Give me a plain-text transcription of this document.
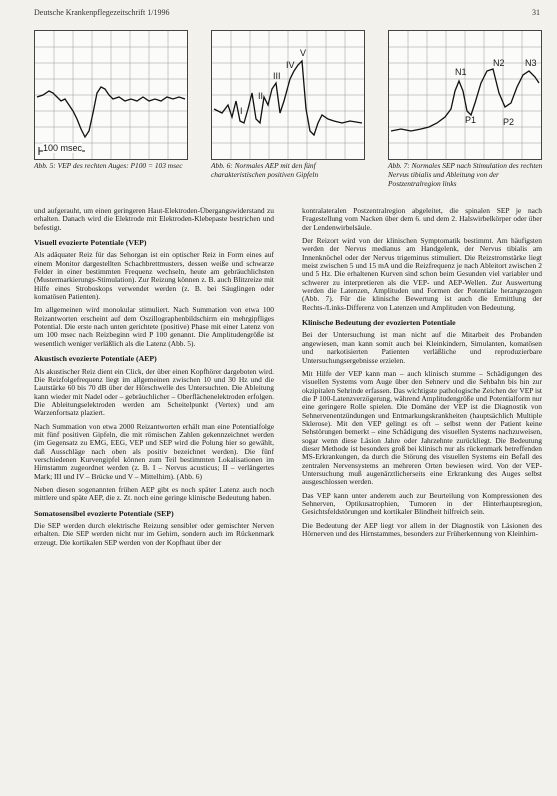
Deutsche Krankenpflegezeitschrift 1/1996	31
100 msec
I
II
III
IV
V
N1
N2 N3
P1	P2
Abb. 5: VEP des rechten Auges: P100 = 103 msec	Abb. 6: Normales AEP mit den fünf charakteristischen positiven Gipfeln
Abb. 7: Normales SEP nach Stimulation des rechten Nervus tibialis und Ableitung von der Postzentralregion links

und aufgerauht, um einen geringeren Haut-Elektroden-Übergangswiderstand zu erhalten. Danach wird die Elektrode mit Elektroden-Klebepaste bestrichen und befestigt.

Visuell evozierte Potentiale (VEP)

Als adäquater Reiz für das Sehorgan ist ein optischer Reiz in Form eines auf einem Monitor dargestellten Schachbrettmusters, dessen weiße und schwarze Felder in einer bestimmten Frequenz wechseln, heute am gebräuchlichsten (Mustermarkierungs-Stimulation). Zur Reizung können z. B. auch Blitzreize mit Hilfe eines Stroboskops verwendet werden (z. B. bei Säuglingen oder komatösen Patienten).

Im allgemeinen wird monokular stimuliert. Nach Summation von etwa 100 Reizantworten erscheint auf dem Oszillographenbildschirm ein mehrgipfliges Potential. Die erste nach unten gerichtete (positive) Phase mit einer Latenz von um 100 msec nach Reizbeginn wird P 100 genannt. Die Amplitudengröße ist wesentlich weniger verläßlich als die Latenz (Abb. 5).

Akustisch evozierte Potentiale (AEP)

Als akustischer Reiz dient ein Click, der über einen Kopfhörer dargeboten wird. Die Reizfolgefrequenz liegt im allgemeinen zwischen 10 und 30 Hz und die Lautstärke 60 bis 70 dB über der Hörschwelle des Untersuchten. Die Ableitung kann wieder mit Nadel oder – gebräuchlicher – Oberflächenelektroden erfolgen. Die Ableitungselektroden werden am Scheitelpunkt (Vertex) und am Warzenfortsatz plaziert.

Nach Summation von etwa 2000 Reizantworten erhält man eine Potentialfolge mit fünf positiven Gipfeln, die mit römischen Zahlen gekennzeichnet werden (im Gegensatz zu EMG, EEG, VEP und SEP wird die Polung hier so gewählt, daß Ausschläge nach oben als positiv bezeichnet werden). Die fünf verschiedenen Kurvengipfel können zum Teil bestimmten Lokalisationen im Hirnstamm zugeordnet werden (z. B. I – Nervus acusticus; II – verlängertes Mark; III und IV – Brücke und V – Mittelhirn). (Abb. 6)

Neben diesen sogenannten frühen AEP gibt es noch später Latenz auch noch mittlere und späte AEP, die z. Zt. noch eine geringe klinische Bedeutung haben.

Somatosensibel evozierte Potentiale (SEP)

Die SEP werden durch elektrische Reizung sensibler oder gemischter Nerven erhalten. Die SEP werden nicht nur im Gehirn, sondern auch im Rückenmark erzeugt. Die kortikalen SEP werden von der Kopfhaut über der

kontralateralen Postzentralregion abgeleitet, die spinalen SEP je nach Fragestellung vom Nacken über dem 6. und dem 2. Halswirbelkörper oder über der Lendenwirbelsäule.

Der Reizort wird von der klinischen Symptomatik bestimmt. Am häufigsten werden der Nervus medianus am Handgelenk, der Nervus tibialis am Innenknöchel oder der Nervus trigeminus stimuliert. Die Reizstromstärke liegt meist zwischen 5 und 15 mA und die Reizfrequenz je nach Ableitort zwischen 2 und 5 Hz. Die erhaltenen Kurven sind schon beim Gesunden viel variabler und schwerer zu interpretieren als die VEP- und AEP-Wellen. Zur Auswertung werden die Latenzen, Amplituden und Formen der Potentiale herangezogen (Abb. 7). Für die klinische Bewertung ist auch die Ermittlung der Rechts-/Links-Differenz von Latenzen und Amplituden von Bedeutung.

Klinische Bedeutung der evozierten Potentiale

Bei der Untersuchung ist man nicht auf die Mitarbeit des Probanden angewiesen, man kann somit auch bei Kleinkindern, Simulanten, komatösen und narkotisierten Patienten verläßliche und reproduzierbare Untersuchungsergebnisse erzielen.

Mit Hilfe der VEP kann man – auch klinisch stumme – Schädigungen des visuellen Systems vom Auge über den Sehnerv und die Sehbahn bis hin zur okzipitalen Sehrinde erfassen. Das wichtigste pathologische Zeichen der VEP ist die P 100-Latenzverzögerung, während Amplitudengröße und Potentialform nur eine geringere Rolle spielen. Die Domäne der VEP ist die Diagnostik von Sehnervenentzündungen und Entmarkungskrankheiten (hauptsächlich Multiple Sklerose). Mit den VEP gelingt es oft – selbst wenn der Patient keine Sehstörungen bemerkt – eine Schädigung des visuellen Systems nachzuweisen, sogar wenn diese Läsion Jahre oder Jahrzehnte zurückliegt. Die Bedeutung dieser Methode ist besonders groß bei klinisch nur als rückenmark betreffenden MS-Erkrankungen, da durch die Störung des visuellen Systems ein Befall des zentralen Nervensystems an mehreren Orten bewiesen wird. Von der VEP-Untersuchung muß augenärztlicherseits eine Erkrankung des Auges selbst ausgeschlossen werden.

Das VEP kann unter anderem auch zur Beurteilung von Kompressionen des Sehnerven, Optikusatrophien, Tumoren in der Hinterhauptsregion, Gesichtsfeldstörungen und kortikaler Blindheit hilfreich sein.

Die Bedeutung der AEP liegt vor allem in der Diagnostik von Läsionen des Hörnerven und des Hirnstammes, besonders zur Früherkennung von Kleinhirn-
